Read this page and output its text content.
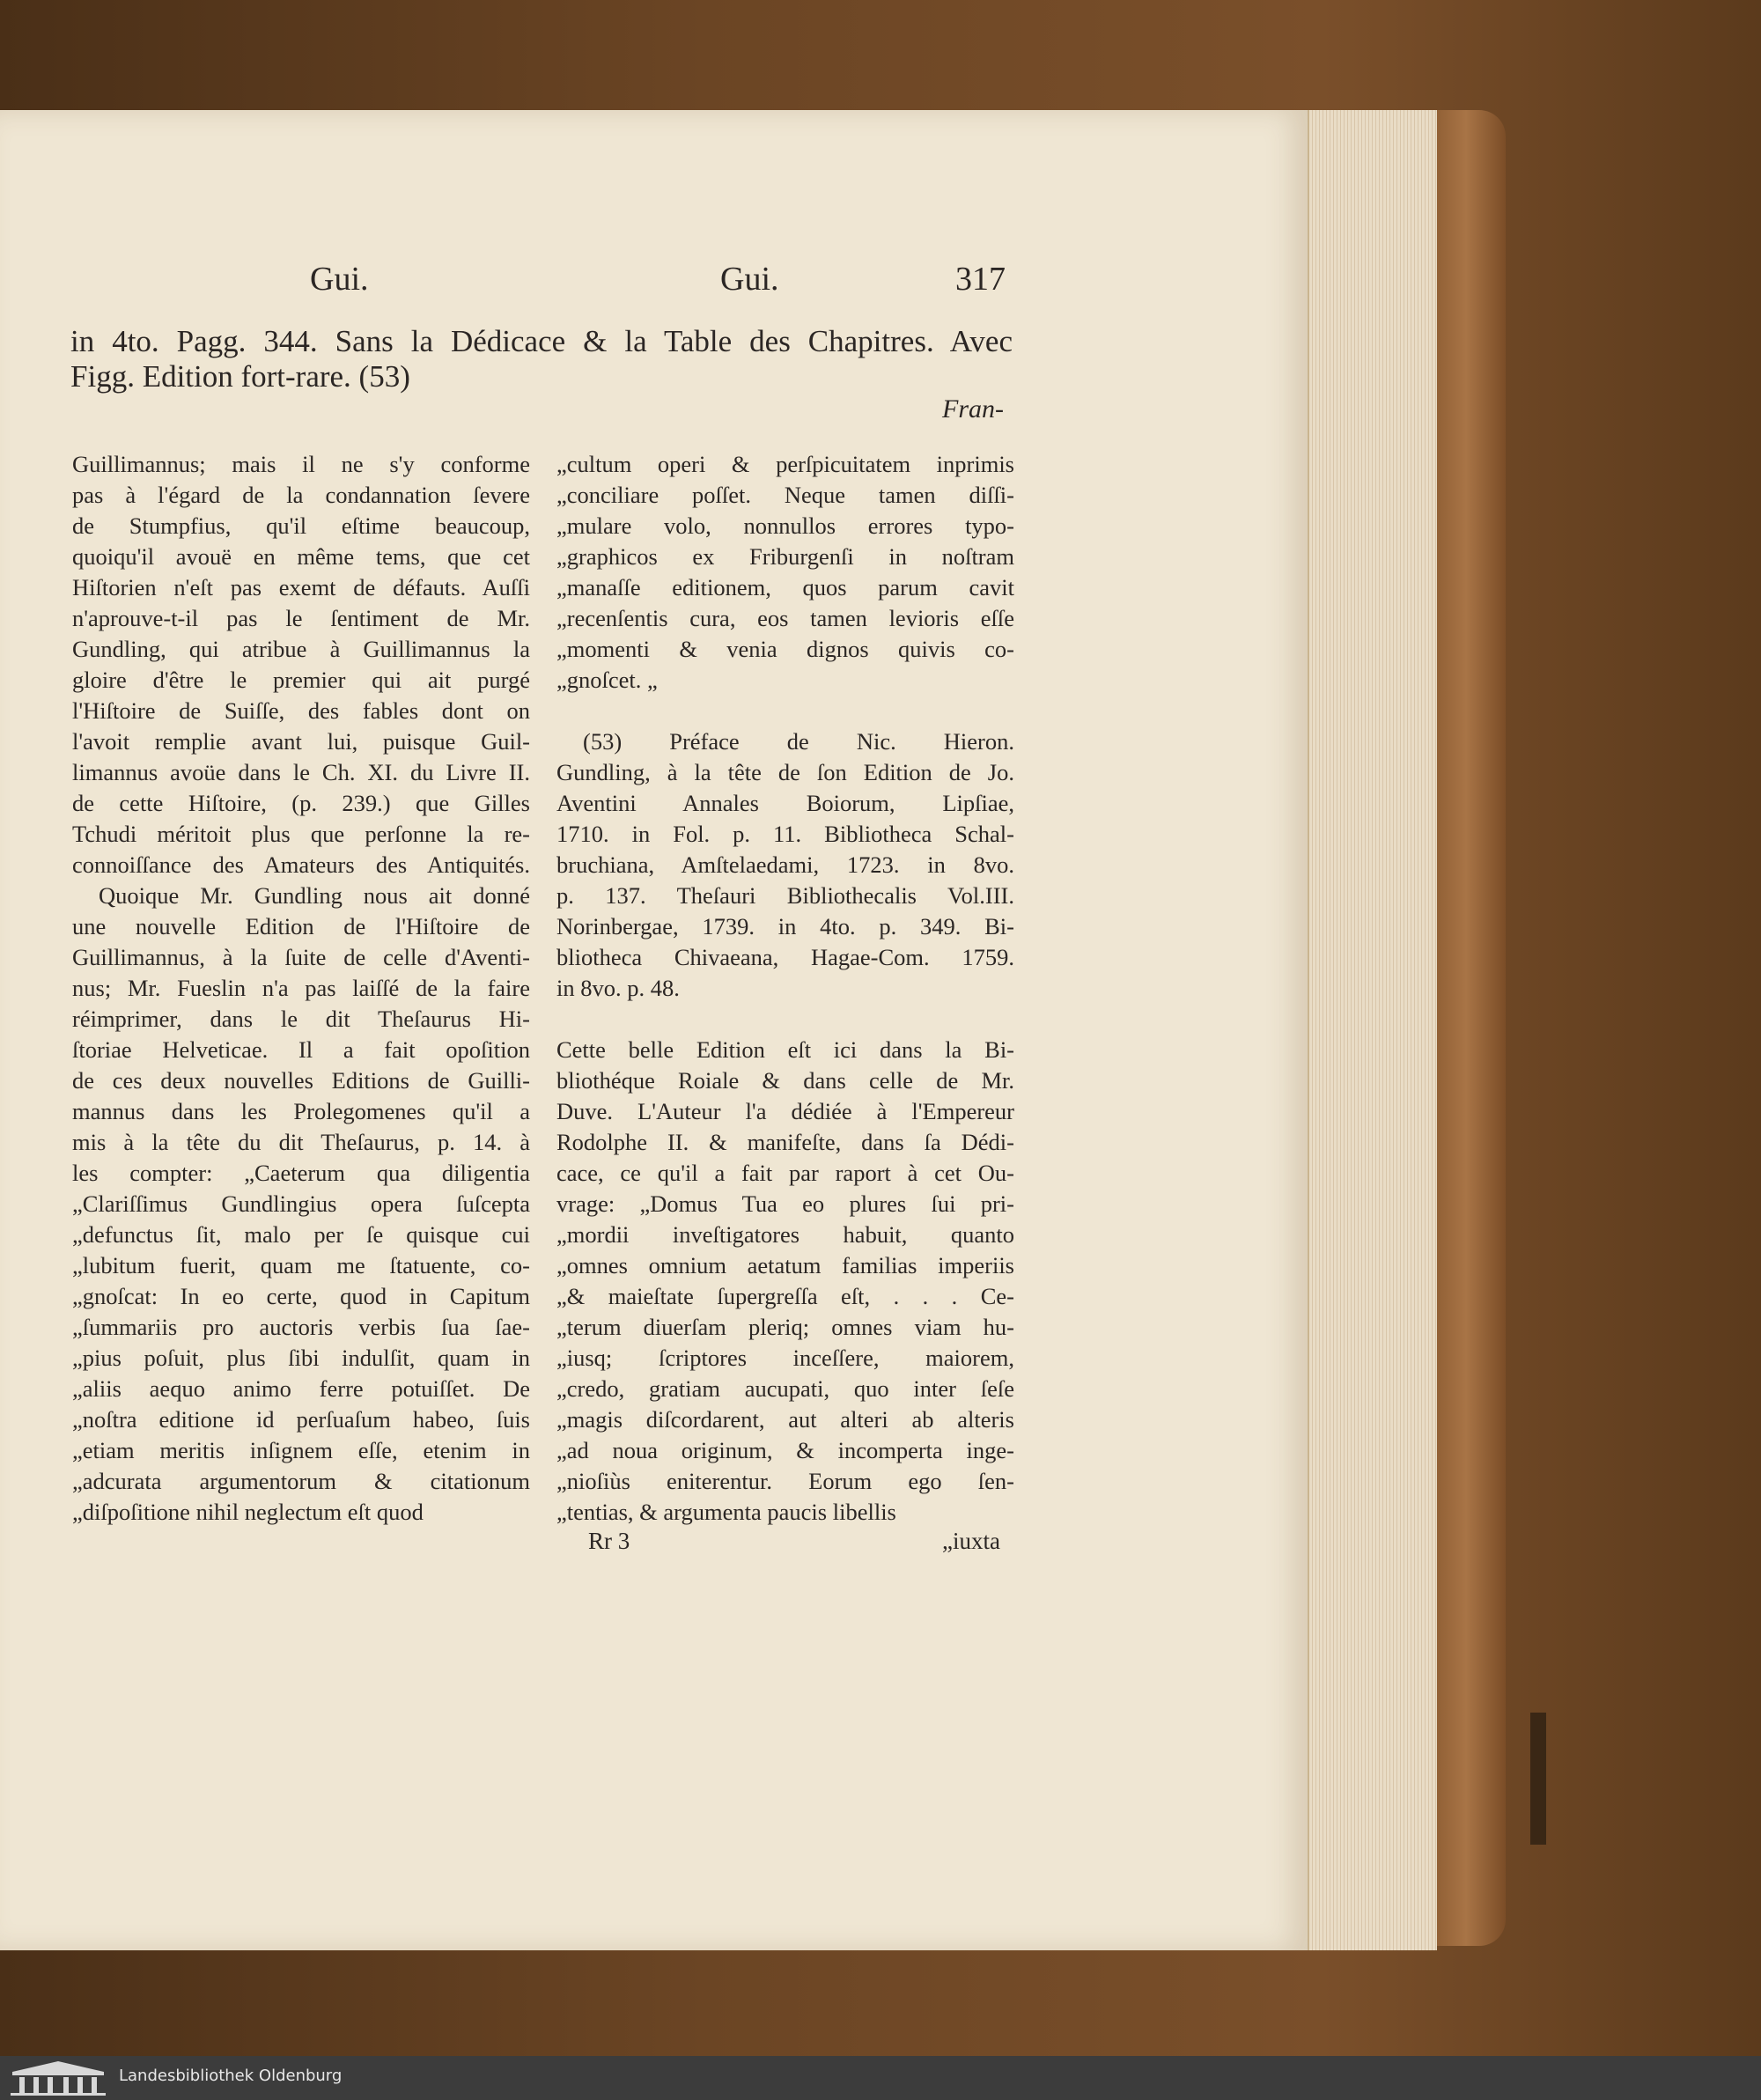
Gui.	Gui.	317
in 4to. Pagg. 344. Sans la Dédicace & la Table des Chapitres. Avec
Figg. Edition fort-rare. (53)
Fran-
Guillimannus; mais il ne s'y conforme
pas à l'égard de la condannation ſevere
de Stumpfius, qu'il eſtime beaucoup,
quoiqu'il avouë en même tems, que cet
Hiſtorien n'eſt pas exemt de défauts. Auſſi
n'aprouve-t-il pas le ſentiment de Mr.
Gundling, qui atribue à Guillimannus la
gloire d'être le premier qui ait purgé
l'Hiſtoire de Suiſſe, des fables dont on
l'avoit remplie avant lui, puisque Guil-
limannus avoüe dans le Ch. XI. du Livre II.
de cette Hiſtoire, (p. 239.) que Gilles
Tchudi méritoit plus que perſonne la re-
connoiſſance des Amateurs des Antiquités.
Quoique Mr. Gundling nous ait donné
une nouvelle Edition de l'Hiſtoire de
Guillimannus, à la ſuite de celle d'Aventi-
nus; Mr. Fueslin n'a pas laiſſé de la faire
réimprimer, dans le dit Theſaurus Hi-
ſtoriae Helveticae. Il a fait opoſition
de ces deux nouvelles Editions de Guilli-
mannus dans les Prolegomenes qu'il a
mis à la tête du dit Theſaurus, p. 14. à
les compter: „Caeterum qua diligentia
„Clariſſimus Gundlingius opera ſuſcepta
„defunctus ſit, malo per ſe quisque cui
„lubitum fuerit, quam me ſtatuente, co-
„gnoſcat: In eo certe, quod in Capitum
„ſummariis pro auctoris verbis ſua ſae-
„pius poſuit, plus ſibi indulſit, quam in
„aliis aequo animo ferre potuiſſet. De
„noſtra editione id perſuaſum habeo, ſuis
„etiam meritis inſignem eſſe, etenim in
„adcurata argumentorum & citationum
„diſpoſitione nihil neglectum eſt quod
„cultum operi & perſpicuitatem inprimis
„conciliare poſſet. Neque tamen diſſi-
„mulare volo, nonnullos errores typo-
„graphicos ex Friburgenſi in noſtram
„manaſſe editionem, quos parum cavit
„recenſentis cura, eos tamen levioris eſſe
„momenti & venia dignos quivis co-
„gnoſcet. „
(53) Préface de Nic. Hieron.
Gundling, à la tête de ſon Edition de Jo.
Aventini Annales Boiorum, Lipſiae,
1710. in Fol. p. 11. Bibliotheca Schal-
bruchiana, Amſtelaedami, 1723. in 8vo.
p. 137. Theſauri Bibliothecalis Vol.III.
Norinbergae, 1739. in 4to. p. 349. Bi-
bliotheca Chivaeana, Hagae-Com. 1759.
in 8vo. p. 48.
Cette belle Edition eſt ici dans la Bi-
bliothéque Roiale & dans celle de Mr.
Duve. L'Auteur l'a dédiée à l'Empereur
Rodolphe II. & manifeſte, dans ſa Dédi-
cace, ce qu'il a fait par raport à cet Ou-
vrage: „Domus Tua eo plures ſui pri-
„mordii inveſtigatores habuit, quanto
„omnes omnium aetatum familias imperiis
„& maieſtate ſupergreſſa eſt, . . . Ce-
„terum diuerſam pleriq; omnes viam hu-
„iusq; ſcriptores inceſſere, maiorem,
„credo, gratiam aucupati, quo inter ſeſe
„magis diſcordarent, aut alteri ab alteris
„ad noua originum, & incomperta inge-
„nioſiùs eniterentur. Eorum ego ſen-
„tentias, & argumenta paucis libellis
Rr 3	„iuxta
Landesbibliothek Oldenburg
